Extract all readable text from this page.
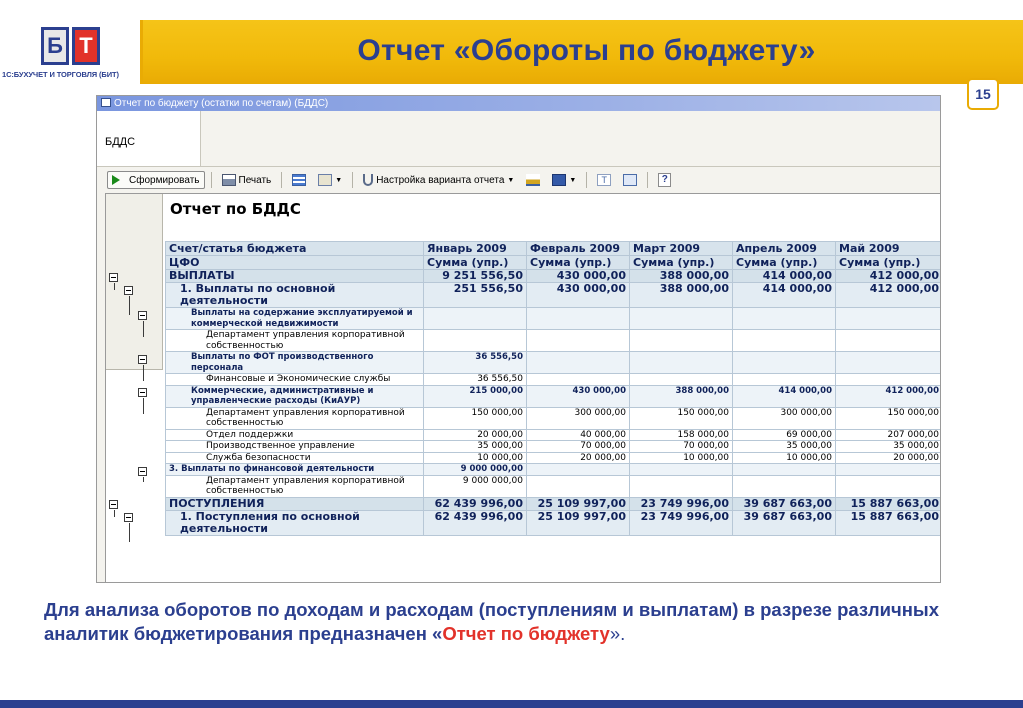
Б Т
1С:БУХУЧЕТ И ТОРГОВЛЯ (БИТ)
Отчет «Обороты по бюджету»
15
Отчет по бюджету (остатки по счетам) (БДДС)
БДДС
Сформировать	Печать	▼	Настройка варианта отчета ▼	▼	T	?
Отчет по БДДС
Счет/статья бюджета	Январь 2009	Февраль 2009	Март 2009	Апрель 2009	Май 2009
ЦФО	Сумма (упр.)	Сумма (упр.)	Сумма (упр.)	Сумма (упр.)	Сумма (упр.)
ВЫПЛАТЫ	9 251 556,50	430 000,00	388 000,00	414 000,00	412 000,00
1. Выплаты по основной деятельности	251 556,50	430 000,00	388 000,00	414 000,00	412 000,00
Выплаты на содержание эксплуатируемой и коммерческой недвижимости					
Департамент управления корпоративной собственностью					
Выплаты по ФОТ производственного персонала	36 556,50				
Финансовые и Экономические службы	36 556,50				
Коммерческие, административные и управленческие расходы (КиАУР)	215 000,00	430 000,00	388 000,00	414 000,00	412 000,00
Департамент управления корпоративной собственностью	150 000,00	300 000,00	150 000,00	300 000,00	150 000,00
Отдел поддержки	20 000,00	40 000,00	158 000,00	69 000,00	207 000,00
Производственное управление	35 000,00	70 000,00	70 000,00	35 000,00	35 000,00
Служба безопасности	10 000,00	20 000,00	10 000,00	10 000,00	20 000,00
3. Выплаты по финансовой деятельности	9 000 000,00				
Департамент управления корпоративной собственностью	9 000 000,00				
ПОСТУПЛЕНИЯ	62 439 996,00	25 109 997,00	23 749 996,00	39 687 663,00	15 887 663,00
1. Поступления по основной деятельности	62 439 996,00	25 109 997,00	23 749 996,00	39 687 663,00	15 887 663,00
Для анализа оборотов по доходам и расходам (поступлениям и выплатам) в разрезе различных аналитик бюджетирования предназначен «Отчет по бюджету».
